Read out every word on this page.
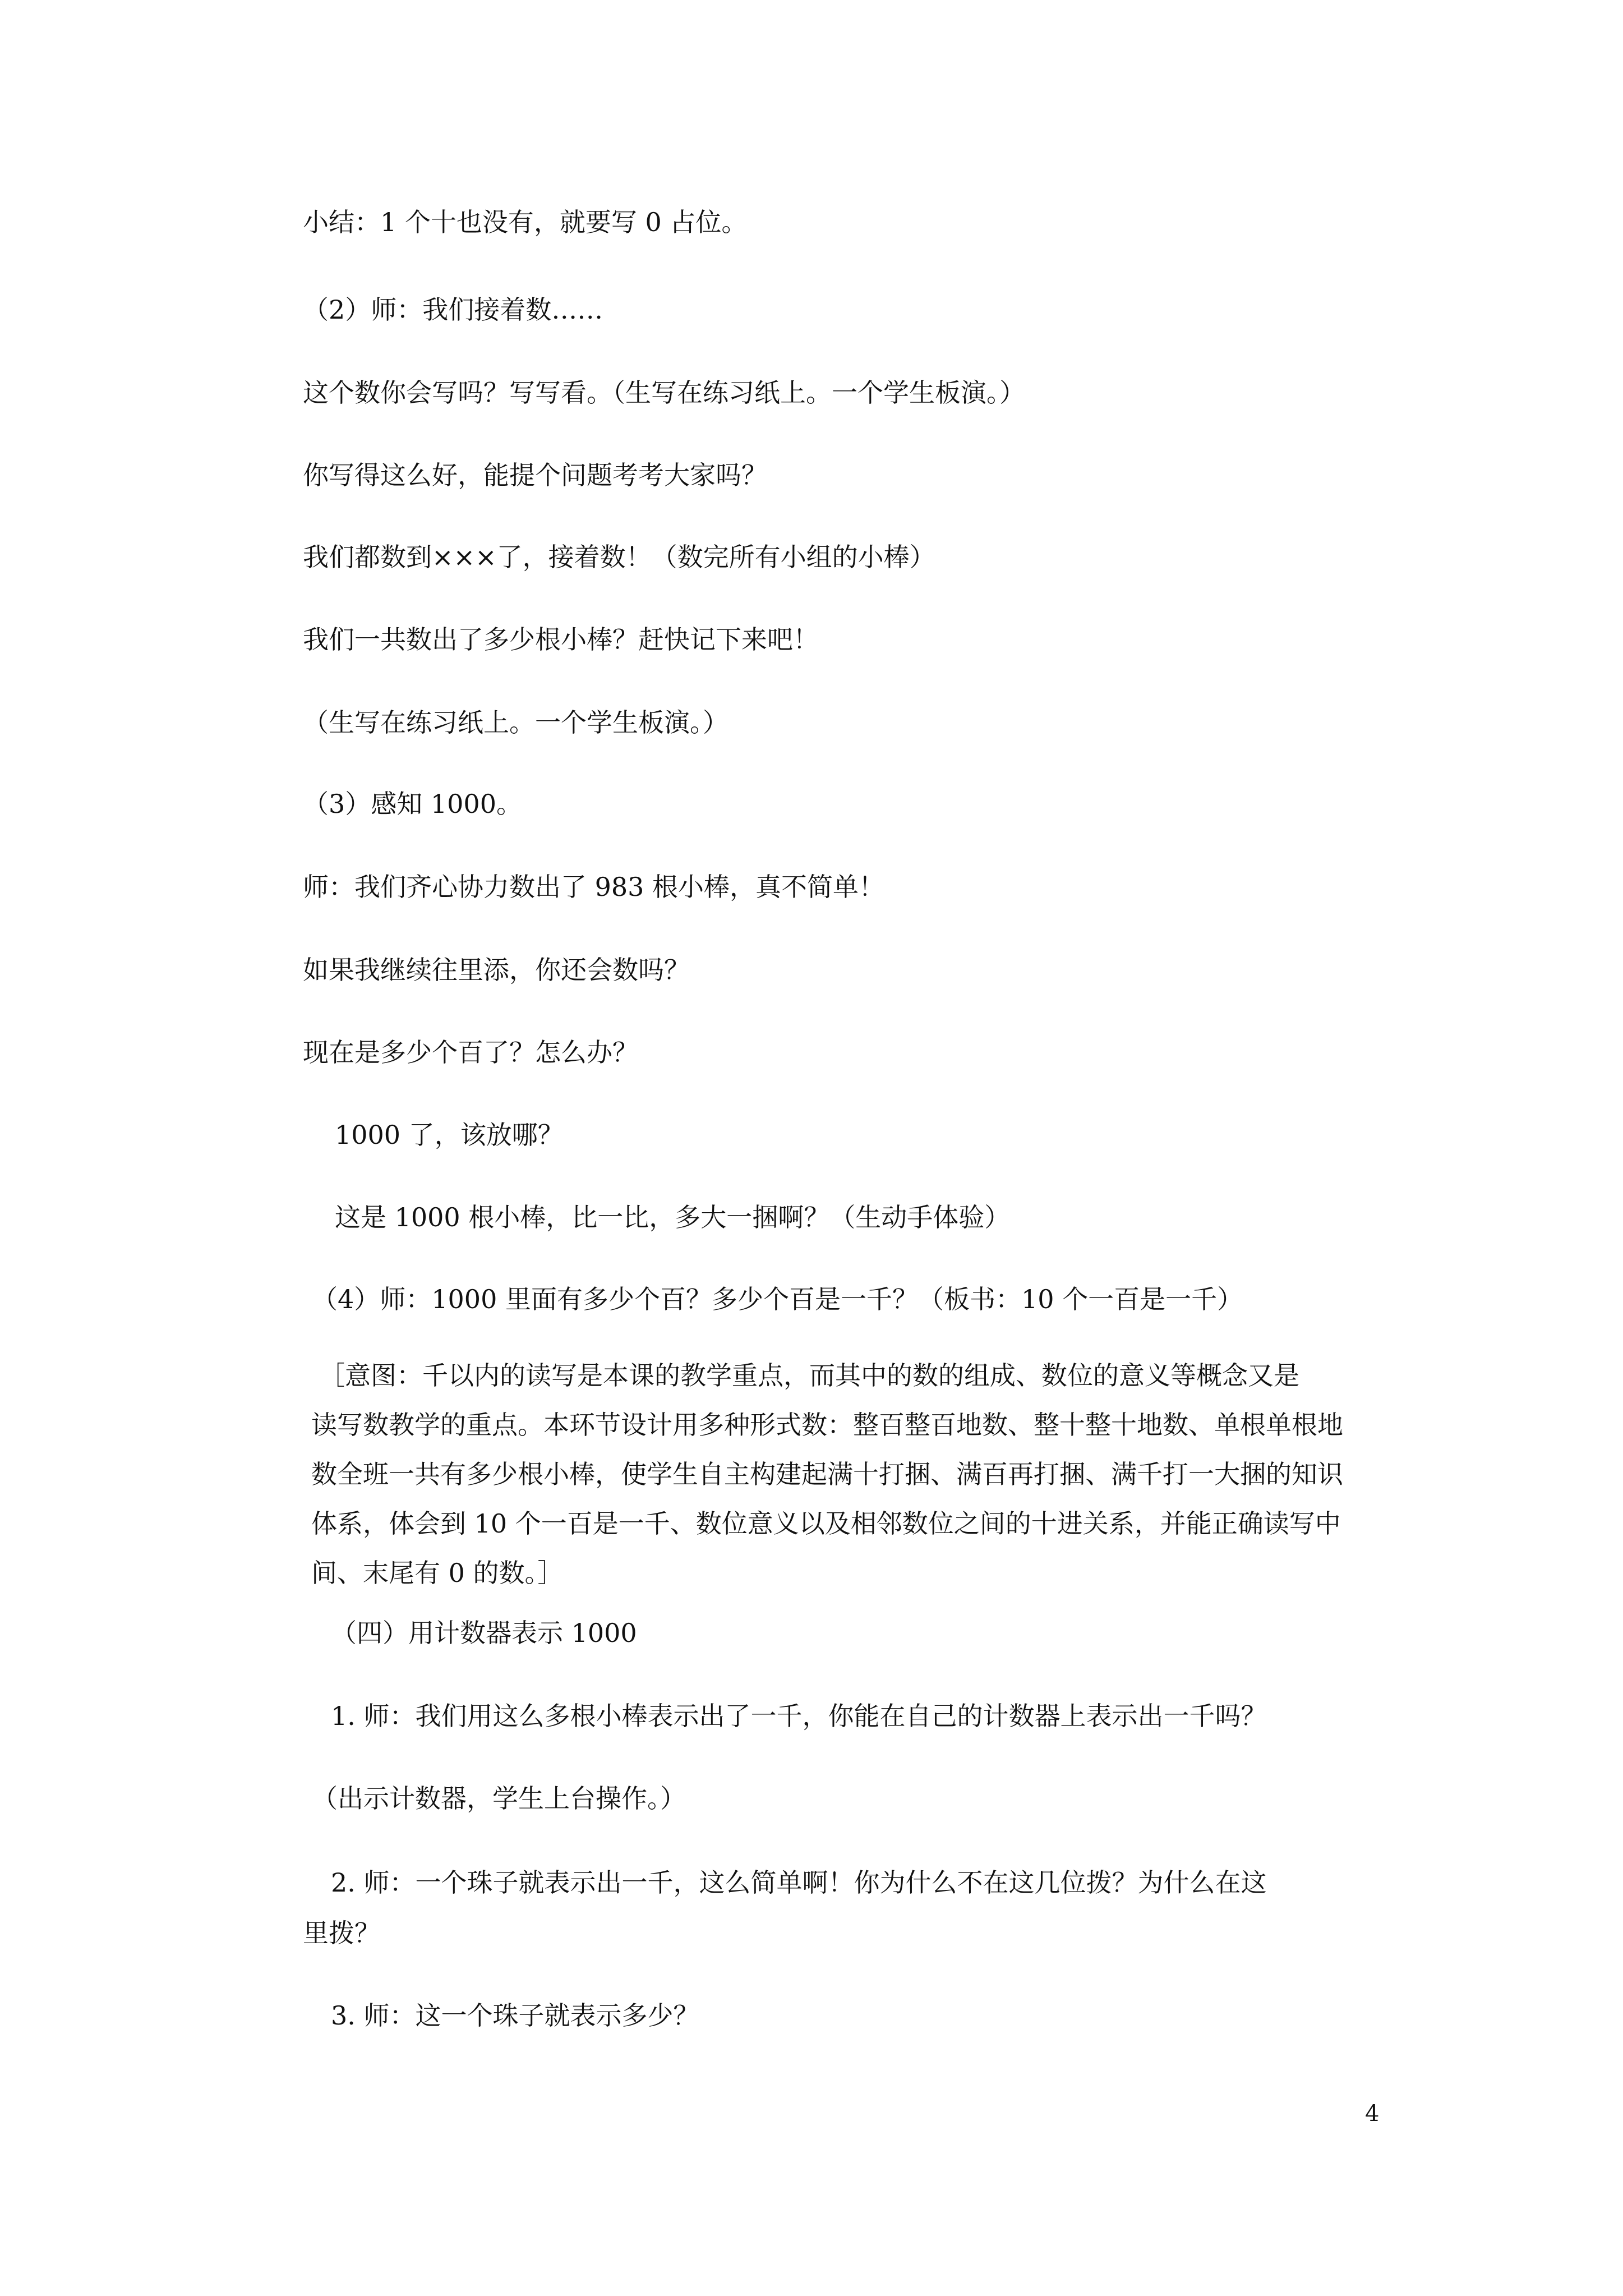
小结：1 个十也没有，就要写 0 占位。
（2）师：我们接着数……
这个数你会写吗？写写看。（生写在练习纸上。一个学生板演。）
你写得这么好，能提个问题考考大家吗？
我们都数到×××了，接着数！（数完所有小组的小棒）
我们一共数出了多少根小棒？赶快记下来吧！
（生写在练习纸上。一个学生板演。）
（3）感知 1000。
师：我们齐心协力数出了 983 根小棒，真不简单！
如果我继续往里添，你还会数吗？
现在是多少个百了？怎么办？
1000 了，该放哪？
这是 1000 根小棒，比一比，多大一捆啊？（生动手体验）
（4）师：1000 里面有多少个百？多少个百是一千？（板书：10 个一百是一千）
［意图：千以内的读写是本课的教学重点，而其中的数的组成、数位的意义等概念又是
读写数教学的重点。本环节设计用多种形式数：整百整百地数、整十整十地数、单根单根地
数全班一共有多少根小棒，使学生自主构建起满十打捆、满百再打捆、满千打一大捆的知识
体系，体会到 10 个一百是一千、数位意义以及相邻数位之间的十进关系，并能正确读写中
间、末尾有 0 的数。］
（四）用计数器表示 1000
1. 师：我们用这么多根小棒表示出了一千，你能在自己的计数器上表示出一千吗？
（出示计数器，学生上台操作。）
2. 师：一个珠子就表示出一千，这么简单啊！你为什么不在这几位拨？为什么在这
里拨？
3. 师：这一个珠子就表示多少？
4
